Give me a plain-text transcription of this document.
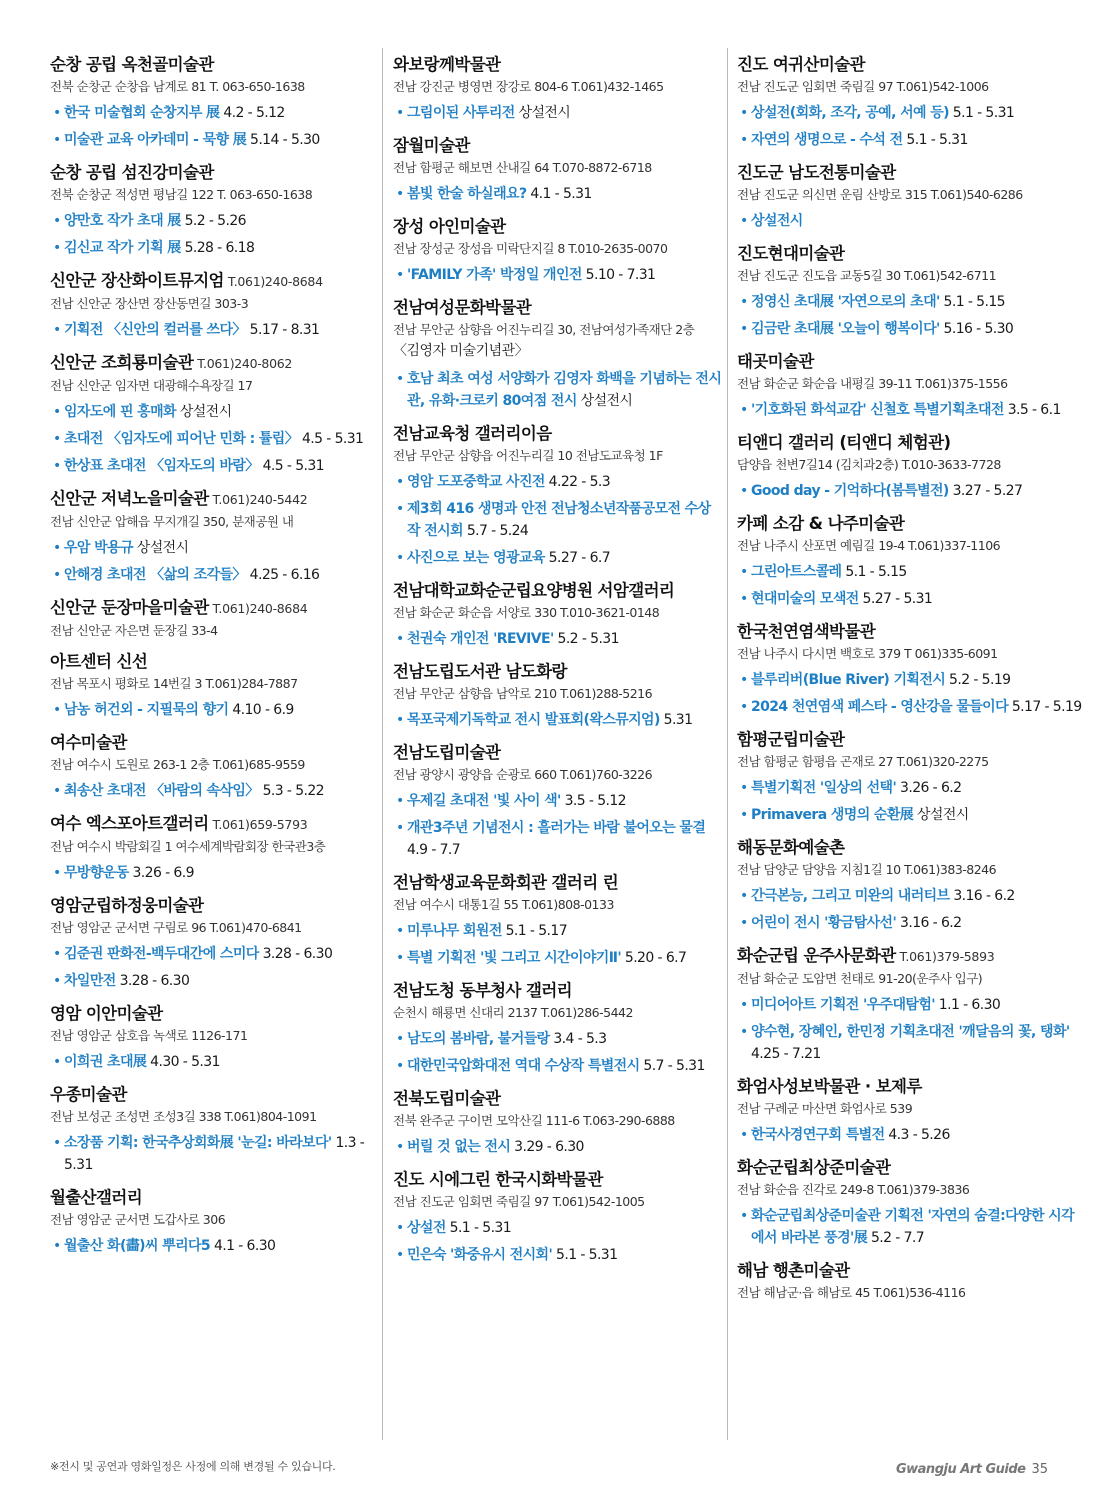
순창 공립 옥천골미술관
전북 순창군 순창읍 남계로 81 T. 063-650-1638
• 한국 미술협회 순창지부 展 4.2 - 5.12
• 미술관 교육 아카데미 - 묵향 展 5.14 - 5.30
순창 공립 섬진강미술관
전북 순창군 적성면 평남길 122 T. 063-650-1638
• 양만호 작가 초대 展 5.2 - 5.26
• 김신교 작가 기획 展 5.28 - 6.18
신안군 장산화이트뮤지엄 T.061)240-8684
전남 신안군 장산면 장산동면길 303-3
• 기획전 〈신안의 컬러를 쓰다〉 5.17 - 8.31
신안군 조희룡미술관 T.061)240-8062
전남 신안군 임자면 대광해수욕장길 17
• 임자도에 핀 홍매화 상설전시
• 초대전 〈임자도에 피어난 민화 : 튤립〉 4.5 - 5.31
• 한상표 초대전 〈임자도의 바람〉 4.5 - 5.31
신안군 저녁노을미술관 T.061)240-5442
전남 신안군 압해읍 무지개길 350, 분재공원 내
• 우암 박용규 상설전시
• 안해경 초대전 〈삶의 조각들〉 4.25 - 6.16
신안군 둔장마을미술관 T.061)240-8684
전남 신안군 자은면 둔장길 33-4
아트센터 신선
전남 목포시 평화로 14번길 3 T.061)284-7887
• 남농 허건외 - 지필묵의 향기 4.10 - 6.9
여수미술관
전남 여수시 도원로 263-1 2층 T.061)685-9559
• 최송산 초대전 〈바람의 속삭임〉 5.3 - 5.22
여수 엑스포아트갤러리 T.061)659-5793
전남 여수시 박람회길 1 여수세계박람회장 한국관3층
• 무방향운동 3.26 - 6.9
영암군립하정웅미술관
전남 영암군 군서면 구림로 96 T.061)470-6841
• 김준권 판화전-백두대간에 스미다 3.28 - 6.30
• 차일만전 3.28 - 6.30
영암 이안미술관
전남 영암군 삼호읍 녹색로 1126-171
• 이희권 초대展 4.30 - 5.31
우종미술관
전남 보성군 조성면 조성3길 338 T.061)804-1091
• 소장품 기획: 한국추상회화展 '눈길: 바라보다' 1.3 - 5.31
월출산갤러리
전남 영암군 군서면 도갑사로 306
• 월출산 화(畵)씨 뿌리다5 4.1 - 6.30
와보랑께박물관
전남 강진군 병영면 장강로 804-6 T.061)432-1465
• 그림이된 사투리전 상설전시
잠월미술관
전남 함평군 해보면 산내길 64 T.070-8872-6718
• 봄빛 한술 하실래요? 4.1 - 5.31
장성 아인미술관
전남 장성군 장성읍 미락단지길 8 T.010-2635-0070
• 'FAMILY 가족' 박정일 개인전 5.10 - 7.31
전남여성문화박물관
전남 무안군 삼향읍 어진누리길 30, 전남여성가족재단 2층
〈김영자 미술기념관〉
• 호남 최초 여성 서양화가 김영자 화백을 기념하는 전시관, 유화·크로키 80여점 전시 상설전시
전남교육청 갤러리이음
전남 무안군 삼향읍 어진누리길 10 전남도교육청 1F
• 영암 도포중학교 사진전 4.22 - 5.3
• 제3회 416 생명과 안전 전남청소년작품공모전 수상작 전시회 5.7 - 5.24
• 사진으로 보는 영광교육 5.27 - 6.7
전남대학교화순군립요양병원 서암갤러리
전남 화순군 화순읍 서양로 330 T.010-3621-0148
• 천권숙 개인전 'REVIVE' 5.2 - 5.31
전남도립도서관 남도화랑
전남 무안군 삼향읍 남악로 210 T.061)288-5216
• 목포국제기독학교 전시 발표회(왁스뮤지엄) 5.31
전남도립미술관
전남 광양시 광양읍 순광로 660 T.061)760-3226
• 우제길 초대전 '빛 사이 색' 3.5 - 5.12
• 개관3주년 기념전시 : 흘러가는 바람 불어오는 물결 4.9 - 7.7
전남학생교육문화회관 갤러리 린
전남 여수시 대통1길 55 T.061)808-0133
• 미루나무 회원전 5.1 - 5.17
• 특별 기획전 '빛 그리고 시간이야기Ⅱ' 5.20 - 6.7
전남도청 동부청사 갤러리
순천시 해룡면 신대리 2137 T.061)286-5442
• 남도의 봄바람, 불거들랑 3.4 - 5.3
• 대한민국압화대전 역대 수상작 특별전시 5.7 - 5.31
전북도립미술관
전북 완주군 구이면 모악산길 111-6 T.063-290-6888
• 버릴 것 없는 전시 3.29 - 6.30
진도 시에그린 한국시화박물관
전남 진도군 임회면 죽림길 97 T.061)542-1005
• 상설전 5.1 - 5.31
• 민은숙 '화중유시 전시회' 5.1 - 5.31
진도 여귀산미술관
전남 진도군 임회면 죽림길 97 T.061)542-1006
• 상설전(회화, 조각, 공예, 서예 등) 5.1 - 5.31
• 자연의 생명으로 - 수석 전 5.1 - 5.31
진도군 남도전통미술관
전남 진도군 의신면 운림 산방로 315 T.061)540-6286
• 상설전시
진도현대미술관
전남 진도군 진도읍 교동5길 30 T.061)542-6711
• 정영신 초대展 '자연으로의 초대' 5.1 - 5.15
• 김금란 초대展 '오늘이 행복이다' 5.16 - 5.30
태곳미술관
전남 화순군 화순읍 내평길 39-11 T.061)375-1556
• '기호화된 화석교감' 신철호 특별기획초대전 3.5 - 6.1
티앤디 갤러리 (티앤디 체험관)
담양읍 천변7길14 (김치과2층) T.010-3633-7728
• Good day - 기억하다(봄특별전) 3.27 - 5.27
카페 소감 & 나주미술관
전남 나주시 산포면 예림길 19-4 T.061)337-1106
• 그린아트스콜레 5.1 - 5.15
• 현대미술의 모색전 5.27 - 5.31
한국천연염색박물관
전남 나주시 다시면 백호로 379 T 061)335-6091
• 블루리버(Blue River) 기획전시 5.2 - 5.19
• 2024 천연염색 페스타 - 영산강을 물들이다 5.17 - 5.19
함평군립미술관
전남 함평군 함평읍 곤재로 27 T.061)320-2275
• 특별기획전 '일상의 선택' 3.26 - 6.2
• Primavera 생명의 순환展 상설전시
해동문화예술촌
전남 담양군 담양읍 지침1길 10 T.061)383-8246
• 간극본능, 그리고 미완의 내러티브 3.16 - 6.2
• 어린이 전시 '황금탐사선' 3.16 - 6.2
화순군립 운주사문화관 T.061)379-5893
전남 화순군 도암면 천태로 91-20(운주사 입구)
• 미디어아트 기획전 '우주대탐험' 1.1 - 6.30
• 양수현, 장혜인, 한민정 기획초대전 '깨달음의 꽃, 탱화' 4.25 - 7.21
화엄사성보박물관 · 보제루
전남 구례군 마산면 화엄사로 539
• 한국사경연구회 특별전 4.3 - 5.26
화순군립최상준미술관
전남 화순읍 진각로 249-8 T.061)379-3836
• 화순군립최상준미술관 기획전 '자연의 숨결:다양한 시각에서 바라본 풍경'展 5.2 - 7.7
해남 행촌미술관
전남 해남군·읍 해남로 45 T.061)536-4116
※전시 및 공연과 영화일정은 사정에 의해 변경될 수 있습니다.	Gwangju Art Guide 35
